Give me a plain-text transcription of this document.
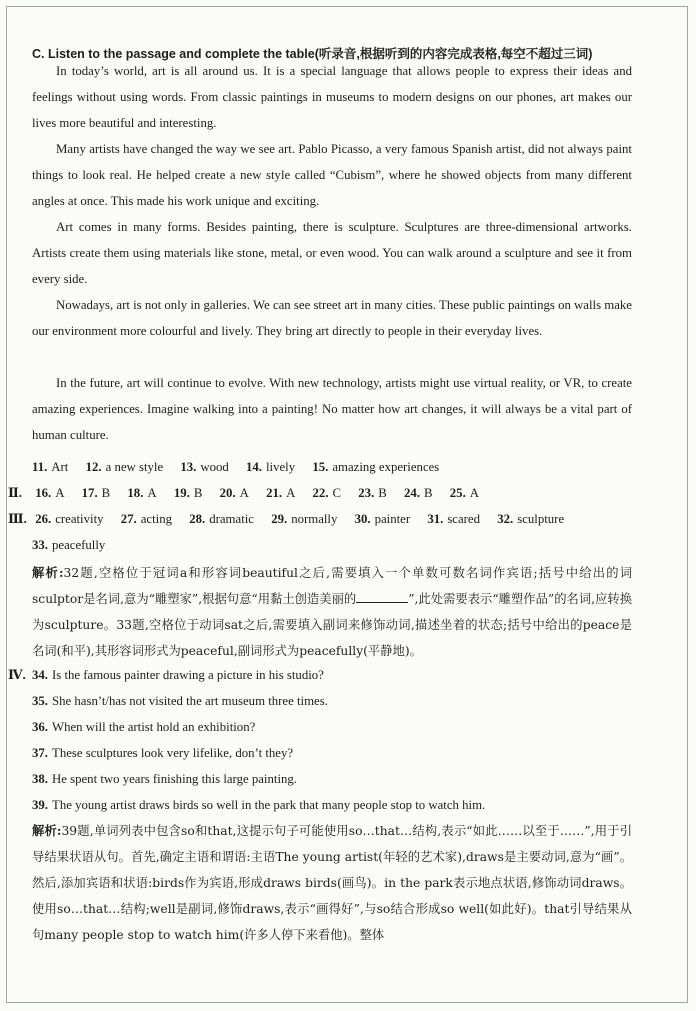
C. Listen to the passage and complete the table(听录音,根据听到的内容完成表格,每空不超过三词)

In today’s world, art is all around us. It is a special language that allows people to express their ideas and feelings without using words. From classic paintings in museums to modern designs on our phones, art makes our lives more beautiful and interesting.

Many artists have changed the way we see art. Pablo Picasso, a very famous Spanish artist, did not always paint things to look real. He helped create a new style called “Cubism”, where he showed objects from many different angles at once. This made his work unique and exciting.

Art comes in many forms. Besides painting, there is sculpture. Sculptures are three-dimensional artworks. Artists create them using materials like stone, metal, or even wood. You can walk around a sculpture and see it from every side.

Nowadays, art is not only in galleries. We can see street art in many cities. These public paintings on walls make our environment more colourful and lively. They bring art directly to people in their everyday lives.

In the future, art will continue to evolve. With new technology, artists might use virtual reality, or VR, to create amazing experiences. Imagine walking into a painting! No matter how art changes, it will always be a vital part of human culture.

11. Art 12. a new style 13. wood 14. lively 15. amazing experiences
Ⅱ. 16. A 17. B 18. A 19. B 20. A 21. A 22. C 23. B 24. B 25. A
Ⅲ. 26. creativity 27. acting 28. dramatic 29. normally 30. painter 31. scared 32. sculpture
33. peacefully

解析:32题,空格位于冠词a和形容词beautiful之后,需要填入一个单数可数名词作宾语;括号中给出的词sculptor是名词,意为“雕塑家”,根据句意“用黏土创造美丽的	”,此处需要表示“雕塑作品”的名词,应转换为sculpture。33题,空格位于动词sat之后,需要填入副词来修饰动词,描述坐着的状态;括号中给出的peace是名词(和平),其形容词形式为peaceful,副词形式为peacefully(平静地)。

Ⅳ. 34. Is the famous painter drawing a picture in his studio?
35. She hasn’t/has not visited the art museum three times.
36. When will the artist hold an exhibition?
37. These sculptures look very lifelike, don’t they?
38. He spent two years finishing this large painting.
39. The young artist draws birds so well in the park that many people stop to watch him.

解析:39题,单词列表中包含so和that,这提示句子可能使用so…that…结构,表示“如此……以至于……”,用于引导结果状语从句。首先,确定主语和谓语:主语The young artist(年轻的艺术家),draws是主要动词,意为“画”。然后,添加宾语和状语:birds作为宾语,形成draws birds(画鸟)。in the park表示地点状语,修饰动词draws。使用so…that…结构;well是副词,修饰draws,表示“画得好”,与so结合形成so well(如此好)。that引导结果从句many people stop to watch him(许多人停下来看他)。整体
